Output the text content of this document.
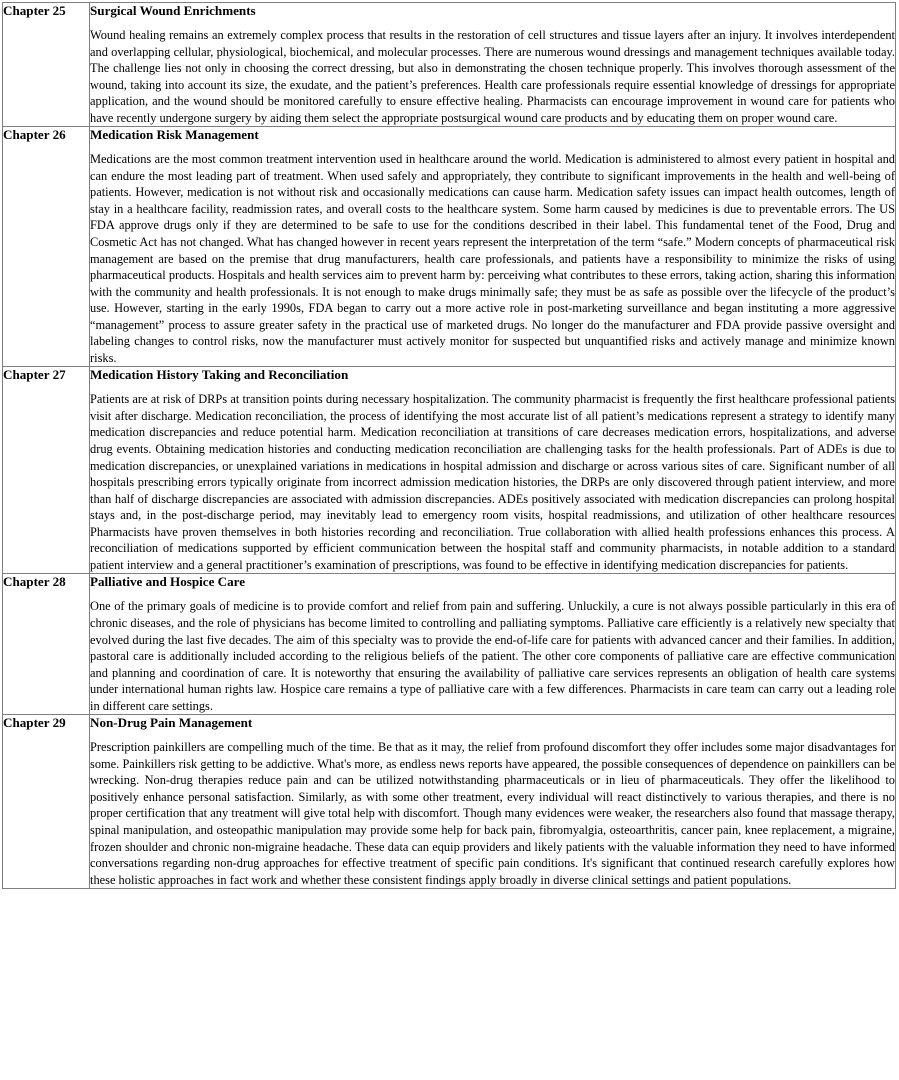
Chapter 25	Surgical Wound Enrichments

Wound healing remains an extremely complex process that results in the restoration of cell structures and tissue layers after an injury. It involves interdependent and overlapping cellular, physiological, biochemical, and molecular processes. There are numerous wound dressings and management techniques available today. The challenge lies not only in choosing the correct dressing, but also in demonstrating the chosen technique properly. This involves thorough assessment of the wound, taking into account its size, the exudate, and the patient’s preferences. Health care professionals require essential knowledge of dressings for appropriate application, and the wound should be monitored carefully to ensure effective healing. Pharmacists can encourage improvement in wound care for patients who have recently undergone surgery by aiding them select the appropriate postsurgical wound care products and by educating them on proper wound care.

Chapter 26	Medication Risk Management

Medications are the most common treatment intervention used in healthcare around the world. Medication is administered to almost every patient in hospital and can endure the most leading part of treatment. When used safely and appropriately, they contribute to significant improvements in the health and well-being of patients. However, medication is not without risk and occasionally medications can cause harm. Medication safety issues can impact health outcomes, length of stay in a healthcare facility, readmission rates, and overall costs to the healthcare system. Some harm caused by medicines is due to preventable errors. The US FDA approve drugs only if they are determined to be safe to use for the conditions described in their label. This fundamental tenet of the Food, Drug and Cosmetic Act has not changed. What has changed however in recent years represent the interpretation of the term “safe.” Modern concepts of pharmaceutical risk management are based on the premise that drug manufacturers, health care professionals, and patients have a responsibility to minimize the risks of using pharmaceutical products. Hospitals and health services aim to prevent harm by: perceiving what contributes to these errors, taking action, sharing this information with the community and health professionals. It is not enough to make drugs minimally safe; they must be as safe as possible over the lifecycle of the product’s use. However, starting in the early 1990s, FDA began to carry out a more active role in post-marketing surveillance and began instituting a more aggressive “management” process to assure greater safety in the practical use of marketed drugs. No longer do the manufacturer and FDA provide passive oversight and labeling changes to control risks, now the manufacturer must actively monitor for suspected but unquantified risks and actively manage and minimize known risks.

Chapter 27	Medication History Taking and Reconciliation

Patients are at risk of DRPs at transition points during necessary hospitalization. The community pharmacist is frequently the first healthcare professional patients visit after discharge. Medication reconciliation, the process of identifying the most accurate list of all patient’s medications represent a strategy to identify many medication discrepancies and reduce potential harm. Medication reconciliation at transitions of care decreases medication errors, hospitalizations, and adverse drug events. Obtaining medication histories and conducting medication reconciliation are challenging tasks for the health professionals. Part of ADEs is due to medication discrepancies, or unexplained variations in medications in hospital admission and discharge or across various sites of care. Significant number of all hospitals prescribing errors typically originate from incorrect admission medication histories, the DRPs are only discovered through patient interview, and more than half of discharge discrepancies are associated with admission discrepancies. ADEs positively associated with medication discrepancies can prolong hospital stays and, in the post-discharge period, may inevitably lead to emergency room visits, hospital readmissions, and utilization of other healthcare resources Pharmacists have proven themselves in both histories recording and reconciliation. True collaboration with allied health professions enhances this process. A reconciliation of medications supported by efficient communication between the hospital staff and community pharmacists, in notable addition to a standard patient interview and a general practitioner’s examination of prescriptions, was found to be effective in identifying medication discrepancies for patients.

Chapter 28	Palliative and Hospice Care

One of the primary goals of medicine is to provide comfort and relief from pain and suffering. Unluckily, a cure is not always possible particularly in this era of chronic diseases, and the role of physicians has become limited to controlling and palliating symptoms. Palliative care efficiently is a relatively new specialty that evolved during the last five decades. The aim of this specialty was to provide the end-of-life care for patients with advanced cancer and their families. In addition, pastoral care is additionally included according to the religious beliefs of the patient. The other core components of palliative care are effective communication and planning and coordination of care. It is noteworthy that ensuring the availability of palliative care services represents an obligation of health care systems under international human rights law. Hospice care remains a type of palliative care with a few differences. Pharmacists in care team can carry out a leading role in different care settings.

Chapter 29	Non-Drug Pain Management

Prescription painkillers are compelling much of the time. Be that as it may, the relief from profound discomfort they offer includes some major disadvantages for some. Painkillers risk getting to be addictive. What's more, as endless news reports have appeared, the possible consequences of dependence on painkillers can be wrecking. Non-drug therapies reduce pain and can be utilized notwithstanding pharmaceuticals or in lieu of pharmaceuticals. They offer the likelihood to positively enhance personal satisfaction. Similarly, as with some other treatment, every individual will react distinctively to various therapies, and there is no proper certification that any treatment will give total help with discomfort. Though many evidences were weaker, the researchers also found that massage therapy, spinal manipulation, and osteopathic manipulation may provide some help for back pain, fibromyalgia, osteoarthritis, cancer pain, knee replacement, a migraine, frozen shoulder and chronic non-migraine headache. These data can equip providers and likely patients with the valuable information they need to have informed conversations regarding non-drug approaches for effective treatment of specific pain conditions. It's significant that continued research carefully explores how these holistic approaches in fact work and whether these consistent findings apply broadly in diverse clinical settings and patient populations.
